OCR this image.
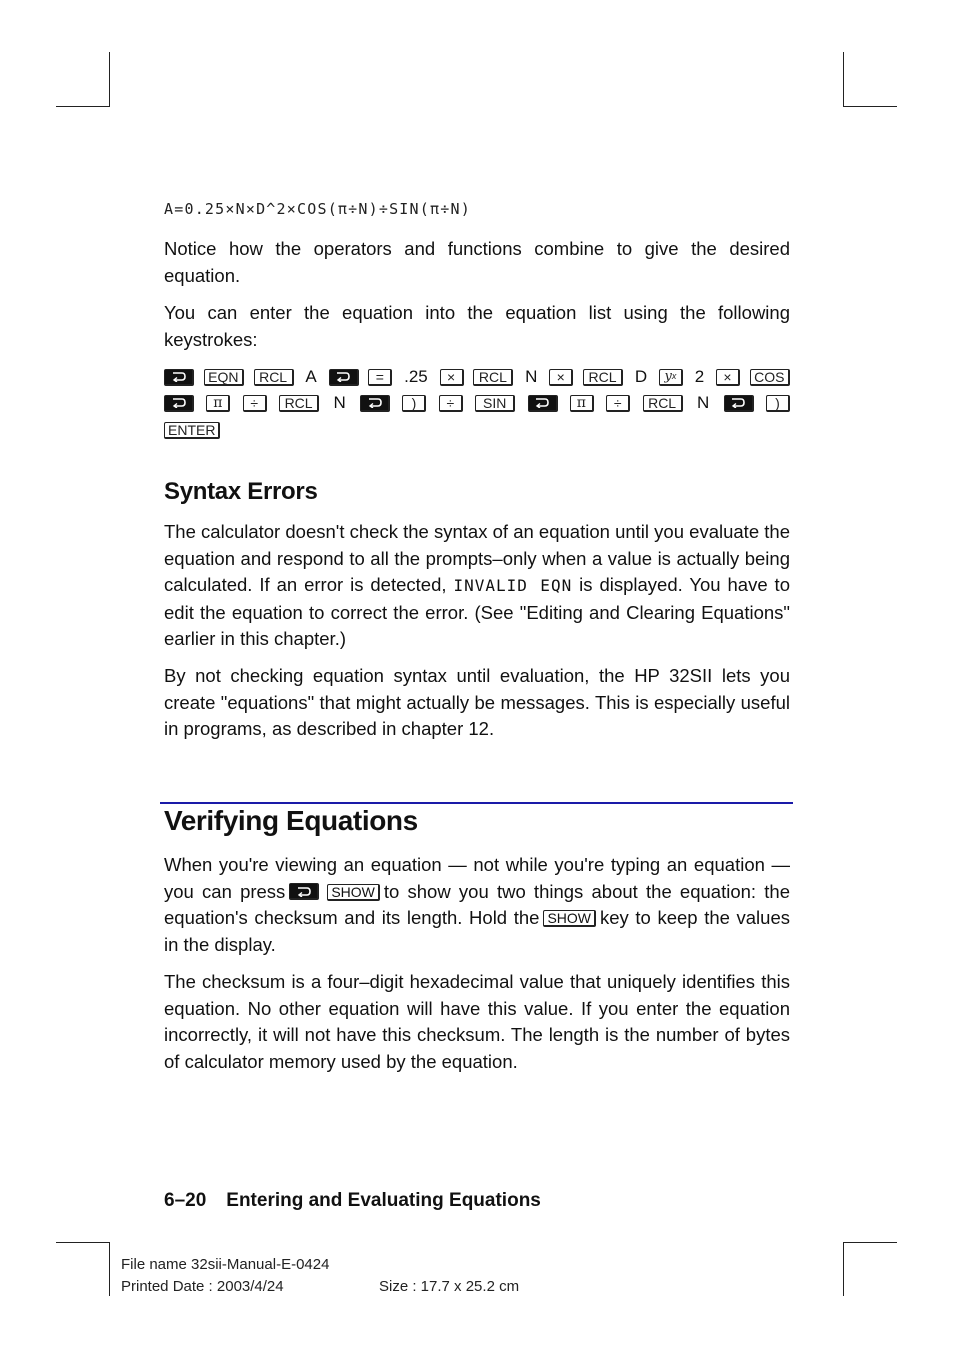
A=0.25×N×D^2×COS(π÷N)÷SIN(π÷N)

Notice how the operators and functions combine to give the desired equation.

You can enter the equation into the equation list using the following keystrokes:

EQN	RCL	A	=	.25	×	RCL	N	×	RCL	D y x 2	×	COS
π	÷	RCL	N	)	÷	SIN	π	÷	RCL	N	)
ENTER
Syntax Errors

The calculator doesn't check the syntax of an equation until you evaluate the equation and respond to all the prompts–only when a value is actually being calculated. If an error is detected, INVALID EQN is displayed. You have to edit the equation to correct the error. (See "Editing and Clearing Equations" earlier in this chapter.)

By not checking equation syntax until evaluation, the HP 32SII lets you create "equations" that might actually be messages. This is especially useful in programs, as described in chapter 12.

Verifying Equations

When you're viewing an equation — not while you're typing an equation — you can press	SHOW to show you two things about the equation: the equation's checksum and its length. Hold the SHOW key to keep the values in the display.

The checksum is a four–digit hexadecimal value that uniquely identifies this equation. No other equation will have this value. If you enter the equation incorrectly, it will not have this checksum. The length is the number of bytes of calculator memory used by the equation.

6–20 Entering and Evaluating Equations
File name 32sii-Manual-E-0424
Printed Date : 2003/4/24	Size : 17.7 x 25.2 cm
